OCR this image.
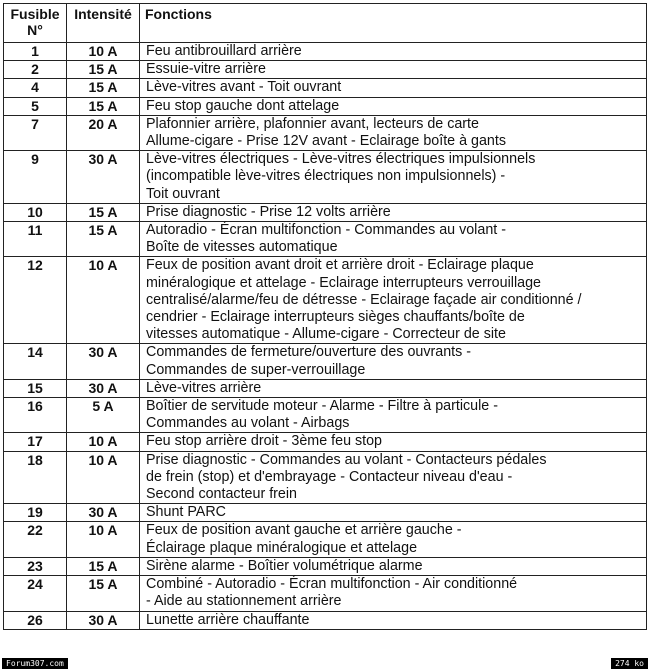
Fusible
N°	Intensité	Fonctions
1	10 A	Feu antibrouillard arrière
2	15 A	Essuie-vitre arrière
4	15 A	Lève-vitres avant - Toit ouvrant
5	15 A	Feu stop gauche dont attelage
7	20 A	Plafonnier arrière, plafonnier avant, lecteurs de carte
Allume-cigare - Prise 12V avant - Eclairage boîte à gants
9	30 A	Lève-vitres électriques - Lève-vitres électriques impulsionnels
(incompatible lève-vitres électriques non impulsionnels) -
Toit ouvrant
10	15 A	Prise diagnostic - Prise 12 volts arrière
11	15 A	Autoradio - Écran multifonction - Commandes au volant -
Boîte de vitesses automatique
12	10 A	Feux de position avant droit et arrière droit - Eclairage plaque
minéralogique et attelage - Eclairage interrupteurs verrouillage
centralisé/alarme/feu de détresse - Eclairage façade air conditionné /
cendrier - Eclairage interrupteurs sièges chauffants/boîte de
vitesses automatique - Allume-cigare - Correcteur de site
14	30 A	Commandes de fermeture/ouverture des ouvrants -
Commandes de super-verrouillage
15	30 A	Lève-vitres arrière
16	5 A	Boîtier de servitude moteur - Alarme - Filtre à particule -
Commandes au volant - Airbags
17	10 A	Feu stop arrière droit - 3ème feu stop
18	10 A	Prise diagnostic - Commandes au volant - Contacteurs pédales
de frein (stop) et d'embrayage - Contacteur niveau d'eau -
Second contacteur frein
19	30 A	Shunt PARC
22	10 A	Feux de position avant gauche et arrière gauche -
Éclairage plaque minéralogique et attelage
23	15 A	Sirène alarme - Boîtier volumétrique alarme
24	15 A	Combiné - Autoradio - Écran multifonction - Air conditionné
- Aide au stationnement arrière
26	30 A	Lunette arrière chauffante
Forum307.com	274 ko
